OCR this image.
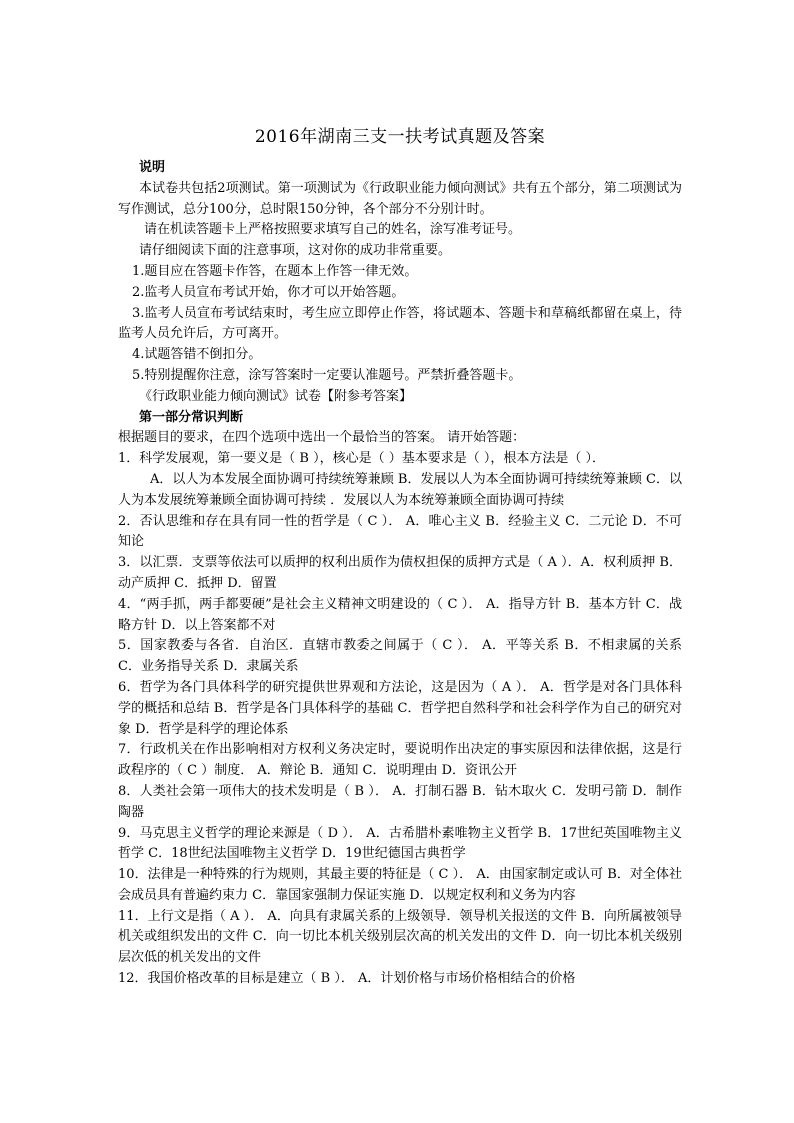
2016年湖南三支一扶考试真题及答案

说明

本试卷共包括2项测试。第一项测试为《行政职业能力倾向测试》共有五个部分，第二项测试为写作测试，总分100分，总时限150分钟，各个部分不分别计时。

请在机读答题卡上严格按照要求填写自己的姓名，涂写准考证号。

请仔细阅读下面的注意事项，这对你的成功非常重要。

1.题目应在答题卡作答，在题本上作答一律无效。

2.监考人员宣布考试开始，你才可以开始答题。

3.监考人员宣布考试结束时，考生应立即停止作答，将试题本、答题卡和草稿纸都留在桌上，待监考人员允许后，方可离开。

4.试题答错不倒扣分。

5.特别提醒你注意，涂写答案时一定要认准题号。严禁折叠答题卡。

《行政职业能力倾向测试》试卷【附参考答案】

第一部分常识判断

根据题目的要求，在四个选项中选出一个最恰当的答案。 请开始答题：

1．科学发展观，第一要义是（ B ），核心是（ ）基本要求是（ ），根本方法是（ ）．

A．以人为本发展全面协调可持续统筹兼顾 B．发展以人为本全面协调可持续统筹兼顾 C．以人为本发展统筹兼顾全面协调可持续 ．发展以人为本统筹兼顾全面协调可持续

2．否认思维和存在具有同一性的哲学是（ C ）． A．唯心主义 B．经验主义 C．二元论 D．不可知论

3．以汇票．支票等依法可以质押的权利出质作为债权担保的质押方式是（ A ）．A．权利质押 B．动产质押 C．抵押 D．留置

4．“两手抓，两手都要硬”是社会主义精神文明建设的（ C ）． A．指导方针 B．基本方针 C．战略方针 D．以上答案都不对

5．国家教委与各省．自治区．直辖市教委之间属于（ C ）． A．平等关系 B．不相隶属的关系 C．业务指导关系 D．隶属关系

6．哲学为各门具体科学的研究提供世界观和方法论，这是因为（ A ）． A．哲学是对各门具体科学的概括和总结 B．哲学是各门具体科学的基础 C．哲学把自然科学和社会科学作为自己的研究对象 D．哲学是科学的理论体系

7．行政机关在作出影响相对方权利义务决定时，要说明作出决定的事实原因和法律依据，这是行政程序的（ C ）制度． A．辩论 B．通知 C．说明理由 D．资讯公开

8．人类社会第一项伟大的技术发明是（ B ）． A．打制石器 B．钻木取火 C．发明弓箭 D．制作陶器

9．马克思主义哲学的理论来源是（ D ）． A．古希腊朴素唯物主义哲学 B．17世纪英国唯物主义哲学 C．18世纪法国唯物主义哲学 D．19世纪德国古典哲学

10．法律是一种特殊的行为规则，其最主要的特征是（ C ）． A．由国家制定或认可 B．对全体社会成员具有普遍约束力 C．靠国家强制力保证实施 D．以规定权利和义务为内容

11．上行文是指（ A ）． A．向具有隶属关系的上级领导．领导机关报送的文件 B．向所属被领导机关或组织发出的文件 C．向一切比本机关级别层次高的机关发出的文件 D．向一切比本机关级别层次低的机关发出的文件

12．我国价格改革的目标是建立（ B ）． A．计划价格与市场价格相结合的价格
